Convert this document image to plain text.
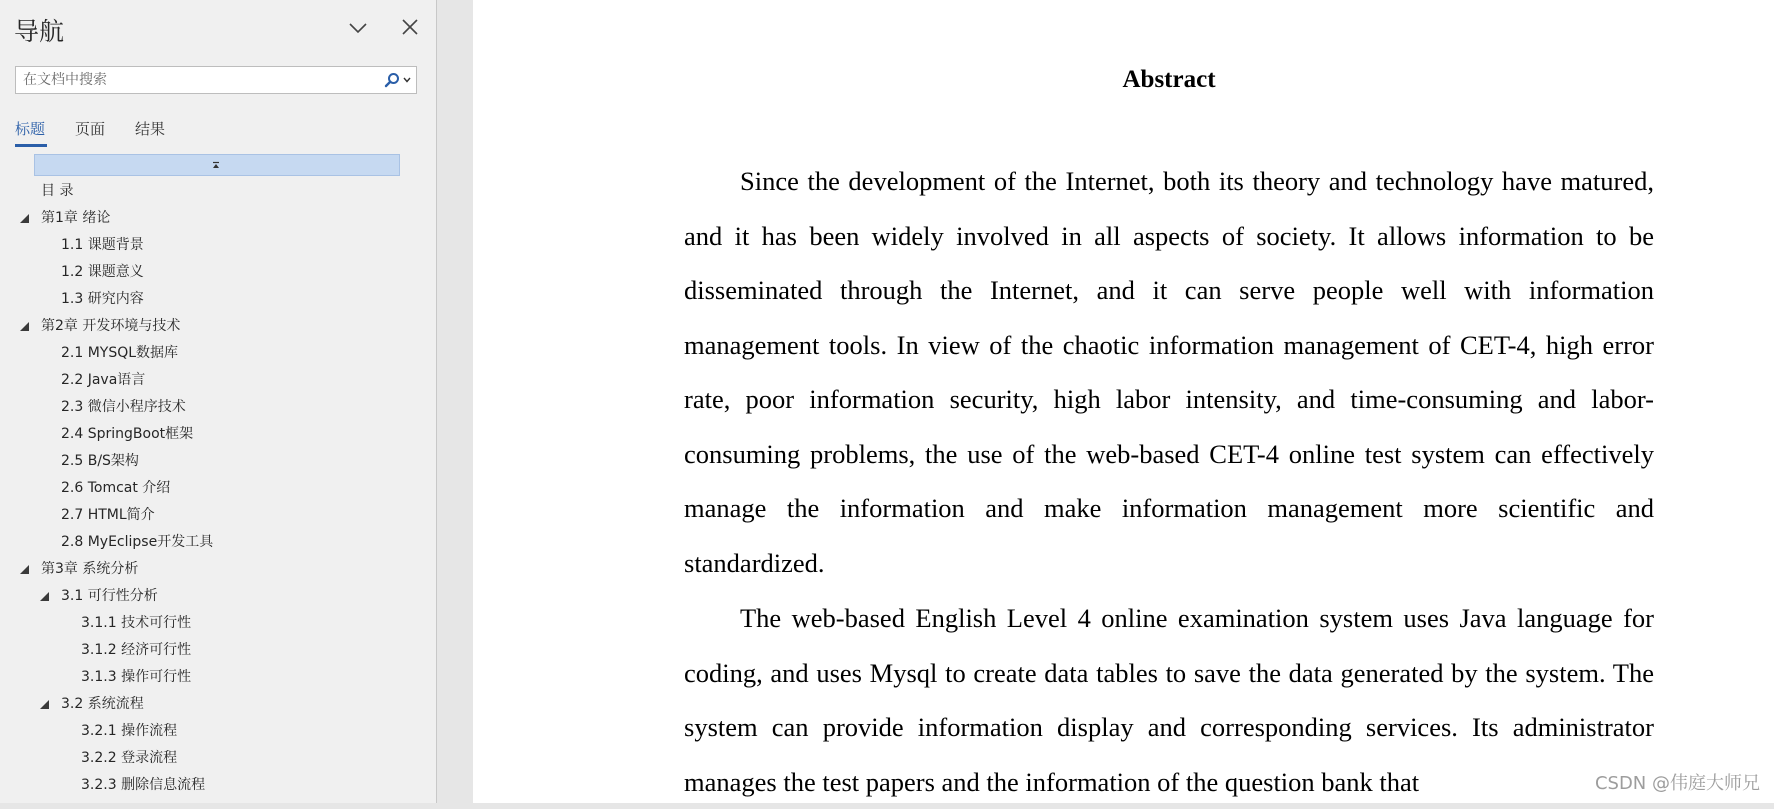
导航
在文档中搜索
标题 页面 结果
目 录
第1章 绪论
1.1 课题背景
1.2 课题意义
1.3 研究内容
第2章 开发环境与技术
2.1 MYSQL数据库
2.2 Java语言
2.3 微信小程序技术
2.4 SpringBoot框架
2.5 B/S架构
2.6 Tomcat 介绍
2.7 HTML简介
2.8 MyEclipse开发工具
第3章 系统分析
3.1 可行性分析
3.1.1 技术可行性
3.1.2 经济可行性
3.1.3 操作可行性
3.2 系统流程
3.2.1 操作流程
3.2.2 登录流程
3.2.3 删除信息流程
Abstract

Since the development of the Internet, both its theory and technology have matured, and it has been widely involved in all aspects of society. It allows information to be disseminated through the Internet, and it can serve people well with information management tools. In view of the chaotic information management of CET-4, high error rate, poor information security, high labor intensity, and time-consuming and labor-consuming problems, the use of the web-based CET-4 online test system can effectively manage the information and make information management more scientific and standardized.

The web-based English Level 4 online examination system uses Java language for coding, and uses Mysql to create data tables to save the data generated by the system. The system can provide information display and corresponding services. Its administrator manages the test papers and the information of the question bank that	CSDN @伟庭大师兄
